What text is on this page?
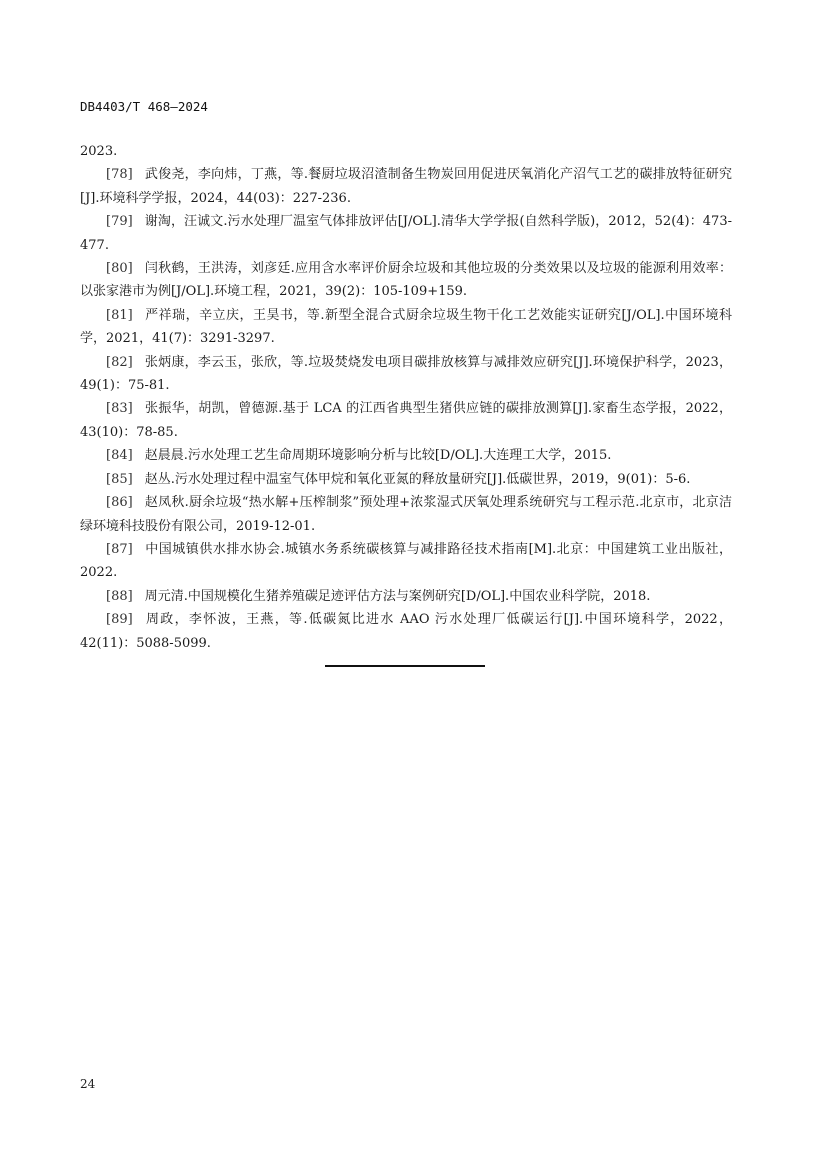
DB4403/T 468—2024

2023.

[78] 武俊尧，李向炜，丁燕，等.餐厨垃圾沼渣制备生物炭回用促进厌氧消化产沼气工艺的碳排放特征研究[J].环境科学学报，2024，44(03)：227-236.

[79] 谢淘，汪诚文.污水处理厂温室气体排放评估[J/OL].清华大学学报(自然科学版)，2012，52(4)：473-477.

[80] 闫秋鹤，王洪涛，刘彦廷.应用含水率评价厨余垃圾和其他垃圾的分类效果以及垃圾的能源利用效率：以张家港市为例[J/OL].环境工程，2021，39(2)：105-109+159.

[81] 严祥瑞，辛立庆，王昊书，等.新型全混合式厨余垃圾生物干化工艺效能实证研究[J/OL].中国环境科学，2021，41(7)：3291-3297.

[82] 张炳康，李云玉，张欣，等.垃圾焚烧发电项目碳排放核算与减排效应研究[J].环境保护科学，2023，49(1)：75-81.

[83] 张振华，胡凯，曾德源.基于 LCA 的江西省典型生猪供应链的碳排放测算[J].家畜生态学报，2022，43(10)：78-85.

[84] 赵晨晨.污水处理工艺生命周期环境影响分析与比较[D/OL].大连理工大学，2015.

[85] 赵丛.污水处理过程中温室气体甲烷和氧化亚氮的释放量研究[J].低碳世界，2019，9(01)：5-6.

[86] 赵凤秋.厨余垃圾“热水解+压榨制浆”预处理+浓浆湿式厌氧处理系统研究与工程示范.北京市，北京洁绿环境科技股份有限公司，2019-12-01.

[87] 中国城镇供水排水协会.城镇水务系统碳核算与减排路径技术指南[M].北京：中国建筑工业出版社，2022.

[88] 周元清.中国规模化生猪养殖碳足迹评估方法与案例研究[D/OL].中国农业科学院，2018.

[89] 周政，李怀波，王燕，等.低碳氮比进水 AAO 污水处理厂低碳运行[J].中国环境科学，2022，42(11)：5088-5099.

24
